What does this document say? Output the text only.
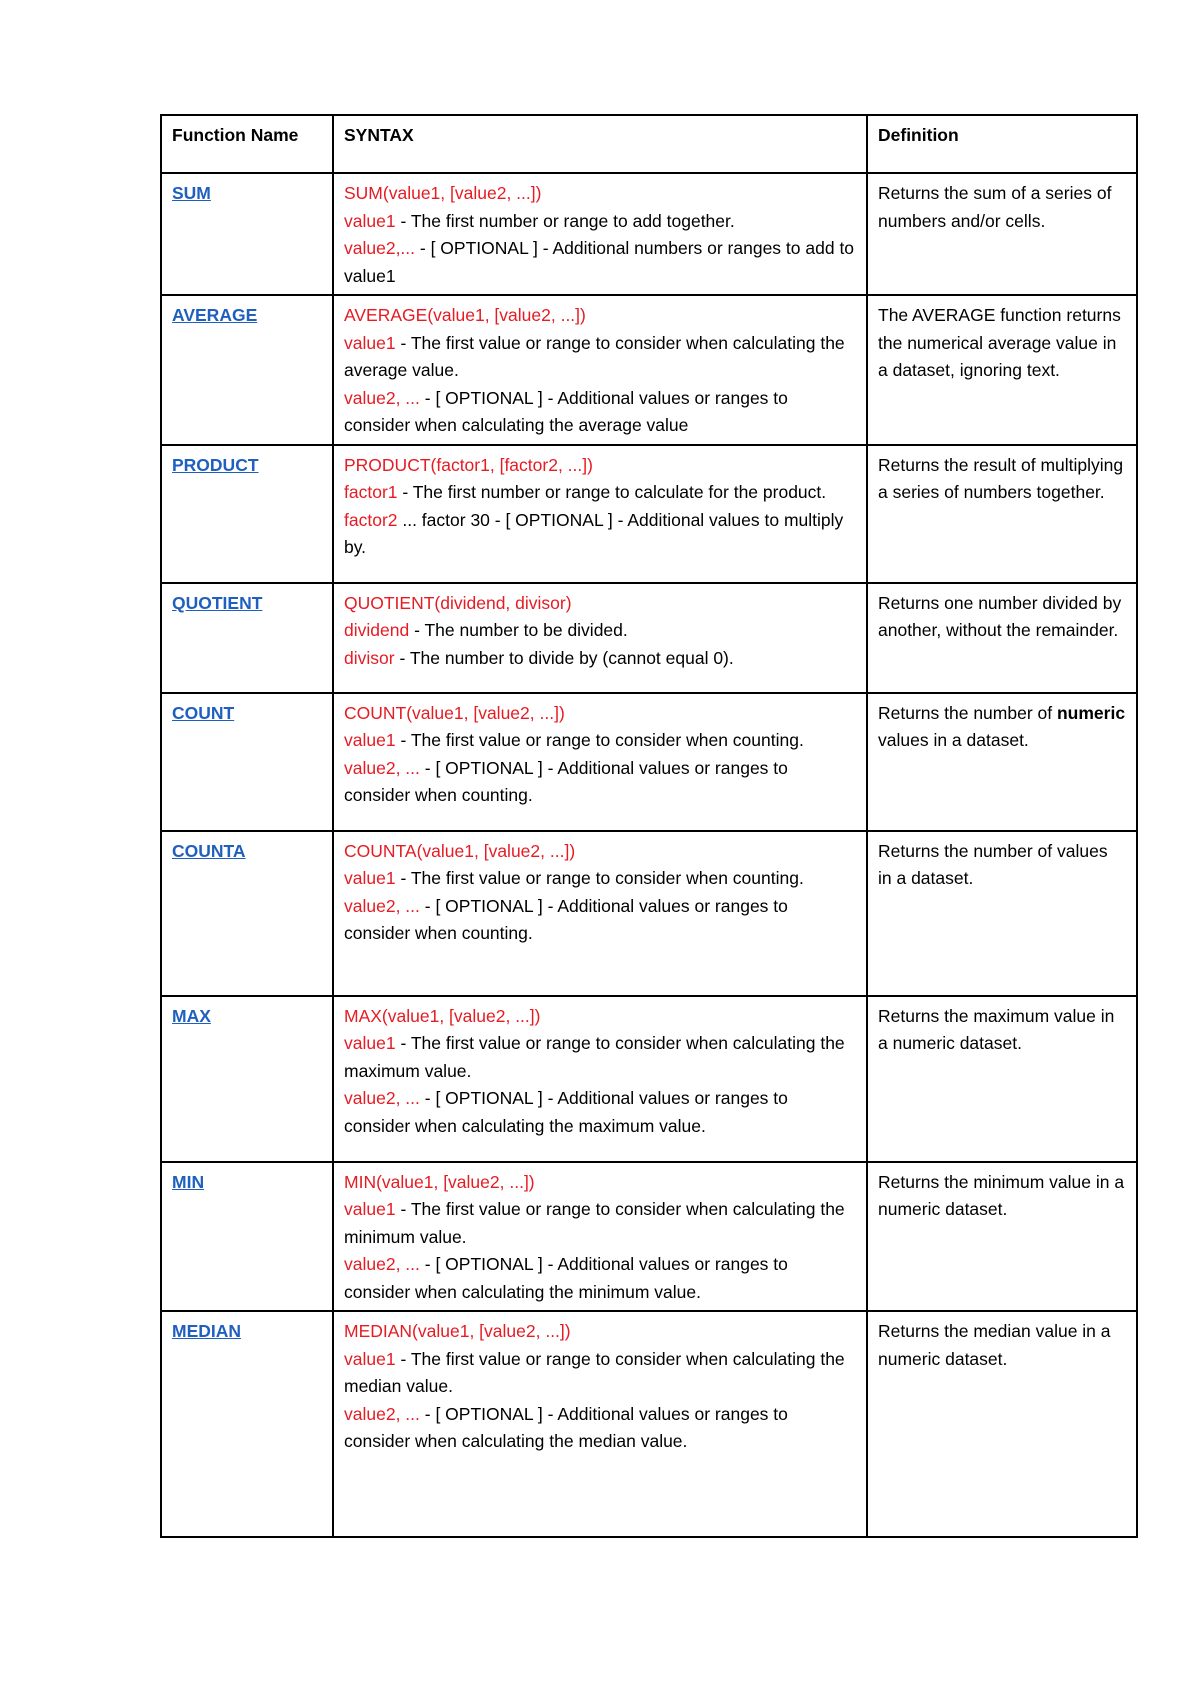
Function Name	SYNTAX	Definition
SUM	SUM(value1, [value2, ...])
value1 - The first number or range to add together.
value2,... - [ OPTIONAL ] - Additional numbers or ranges to add to value1	Returns the sum of a series of numbers and/or cells.
AVERAGE	AVERAGE(value1, [value2, ...])
value1 - The first value or range to consider when calculating the average value.
value2, ... - [ OPTIONAL ] - Additional values or ranges to consider when calculating the average value	The AVERAGE function returns the numerical average value in a dataset, ignoring text.
PRODUCT	PRODUCT(factor1, [factor2, ...])
factor1 - The first number or range to calculate for the product.
factor2 ... factor 30 - [ OPTIONAL ] - Additional values to multiply by.	Returns the result of multiplying a series of numbers together.
QUOTIENT	QUOTIENT(dividend, divisor)
dividend - The number to be divided.
divisor - The number to divide by (cannot equal 0).	Returns one number divided by another, without the remainder.
COUNT	COUNT(value1, [value2, ...])
value1 - The first value or range to consider when counting.
value2, ... - [ OPTIONAL ] - Additional values or ranges to consider when counting.	Returns the number of numeric values in a dataset.
COUNTA	COUNTA(value1, [value2, ...])
value1 - The first value or range to consider when counting.
value2, ... - [ OPTIONAL ] - Additional values or ranges to consider when counting.	Returns the number of values in a dataset.
MAX	MAX(value1, [value2, ...])
value1 - The first value or range to consider when calculating the maximum value.
value2, ... - [ OPTIONAL ] - Additional values or ranges to consider when calculating the maximum value.	Returns the maximum value in a numeric dataset.
MIN	MIN(value1, [value2, ...])
value1 - The first value or range to consider when calculating the minimum value.
value2, ... - [ OPTIONAL ] - Additional values or ranges to consider when calculating the minimum value.	Returns the minimum value in a numeric dataset.
MEDIAN	MEDIAN(value1, [value2, ...])
value1 - The first value or range to consider when calculating the median value.
value2, ... - [ OPTIONAL ] - Additional values or ranges to consider when calculating the median value.	Returns the median value in a numeric dataset.
